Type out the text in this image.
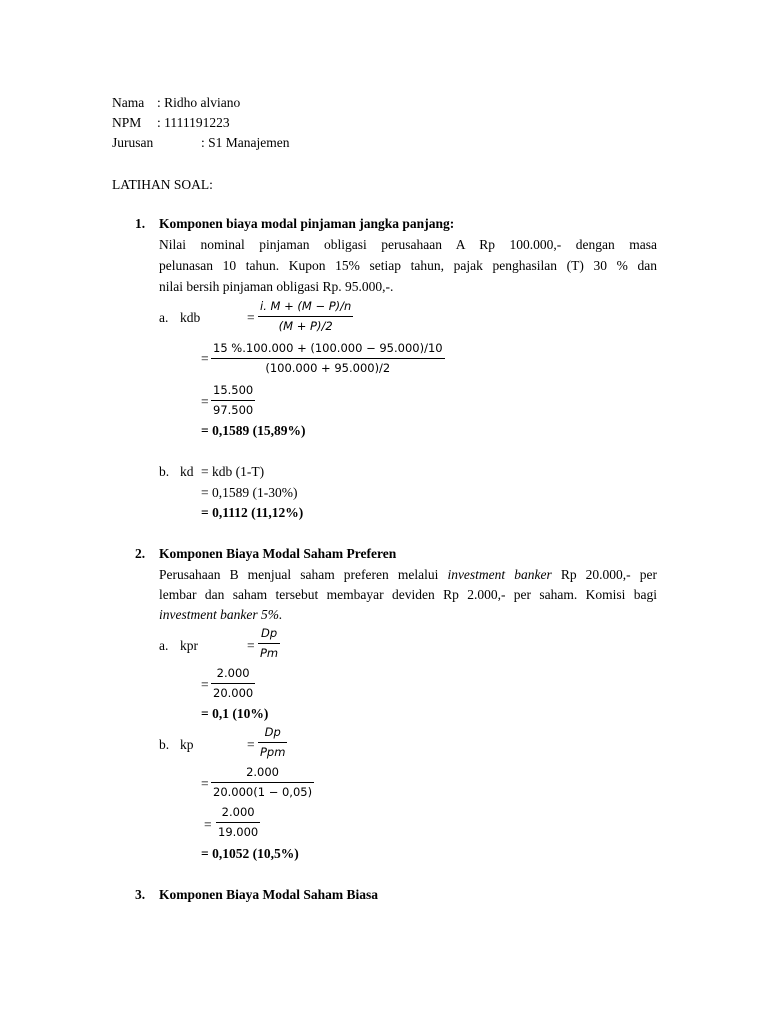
Nama : Ridho alviano
NPM : 1111191223
Jurusan	: S1 Manajemen
LATIHAN SOAL:
1. Komponen biaya modal pinjaman jangka panjang:
Nilai nominal pinjaman obligasi perusahaan A Rp 100.000,- dengan masa
pelunasan 10 tahun. Kupon 15% setiap tahun, pajak penghasilan (T) 30 % dan
nilai bersih pinjaman obligasi Rp. 95.000,-.
a. kdb	=
i. M + (M − P)/n
(M + P)/2
=
15 %.100.000 + (100.000 − 95.000)/10
(100.000 + 95.000)/2
=
15.500
97.500
= 0,1589 (15,89%)
b. kd = kdb (1-T)
= 0,1589 (1-30%)
= 0,1112 (11,12%)
2. Komponen Biaya Modal Saham Preferen
Perusahaan B menjual saham preferen melalui investment banker Rp 20.000,- per
lembar dan saham tersebut membayar deviden Rp 2.000,- per saham. Komisi bagi
investment banker 5%.
a. kpr	=
Dp
Pm
=
2.000
20.000
= 0,1 (10%)
b. kp	=
Dp
Ppm
=
2.000
20.000(1 − 0,05)
=
2.000
19.000
= 0,1052 (10,5%)
3. Komponen Biaya Modal Saham Biasa
